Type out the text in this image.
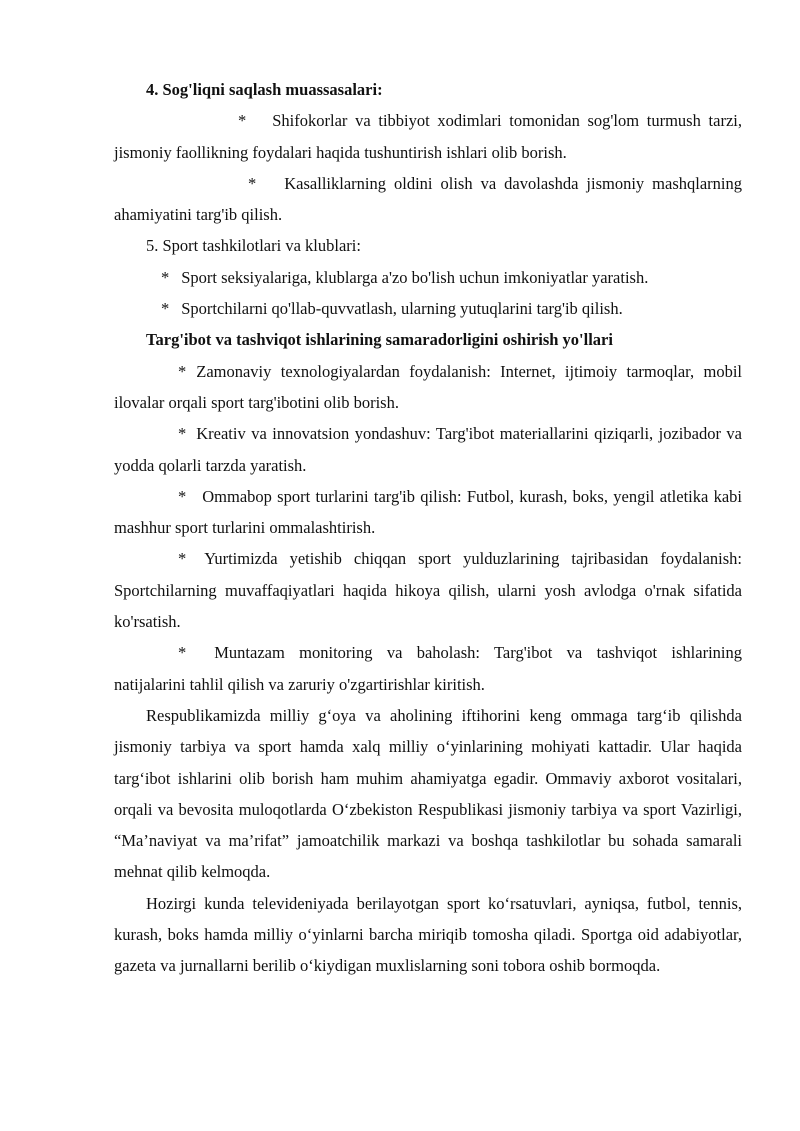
4. Sog'liqni saqlash muassasalari:

* Shifokorlar va tibbiyot xodimlari tomonidan sog'lom turmush tarzi, jismoniy faollikning foydalari haqida tushuntirish ishlari olib borish.

* Kasalliklarning oldini olish va davolashda jismoniy mashqlarning ahamiyatini targ'ib qilish.

5. Sport tashkilotlari va klublari:

* Sport seksiyalariga, klublarga a'zo bo'lish uchun imkoniyatlar yaratish.

* Sportchilarni qo'llab-quvvatlash, ularning yutuqlarini targ'ib qilish.

Targ'ibot va tashviqot ishlarining samaradorligini oshirish yo'llari

* Zamonaviy texnologiyalardan foydalanish: Internet, ijtimoiy tarmoqlar, mobil ilovalar orqali sport targ'ibotini olib borish.

* Kreativ va innovatsion yondashuv: Targ'ibot materiallarini qiziqarli, jozibador va yodda qolarli tarzda yaratish.

* Ommabop sport turlarini targ'ib qilish: Futbol, kurash, boks, yengil atletika kabi mashhur sport turlarini ommalashtirish.

* Yurtimizda yetishib chiqqan sport yulduzlarining tajribasidan foydalanish: Sportchilarning muvaffaqiyatlari haqida hikoya qilish, ularni yosh avlodga o'rnak sifatida ko'rsatish.

* Muntazam monitoring va baholash: Targ'ibot va tashviqot ishlarining natijalarini tahlil qilish va zaruriy o'zgartirishlar kiritish.

Respublikamizda milliy g‘oya va aholining iftihorini keng ommaga targ‘ib qilishda jismoniy tarbiya va sport hamda xalq milliy o‘yinlarining mohiyati kattadir. Ular haqida targ‘ibot ishlarini olib borish ham muhim ahamiyatga egadir. Ommaviy axborot vositalari, orqali va bevosita muloqotlarda O‘zbekiston Respublikasi jismoniy tarbiya va sport Vazirligi, “Ma’naviyat va ma’rifat” jamoatchilik markazi va boshqa tashkilotlar bu sohada samarali mehnat qilib kelmoqda.

Hozirgi kunda televideniyada berilayotgan sport ko‘rsatuvlari, ayniqsa, futbol, tennis, kurash, boks hamda milliy o‘yinlarni barcha miriqib tomosha qiladi. Sportga oid adabiyotlar, gazeta va jurnallarni berilib o‘kiydigan muxlislarning soni tobora oshib bormoqda.
